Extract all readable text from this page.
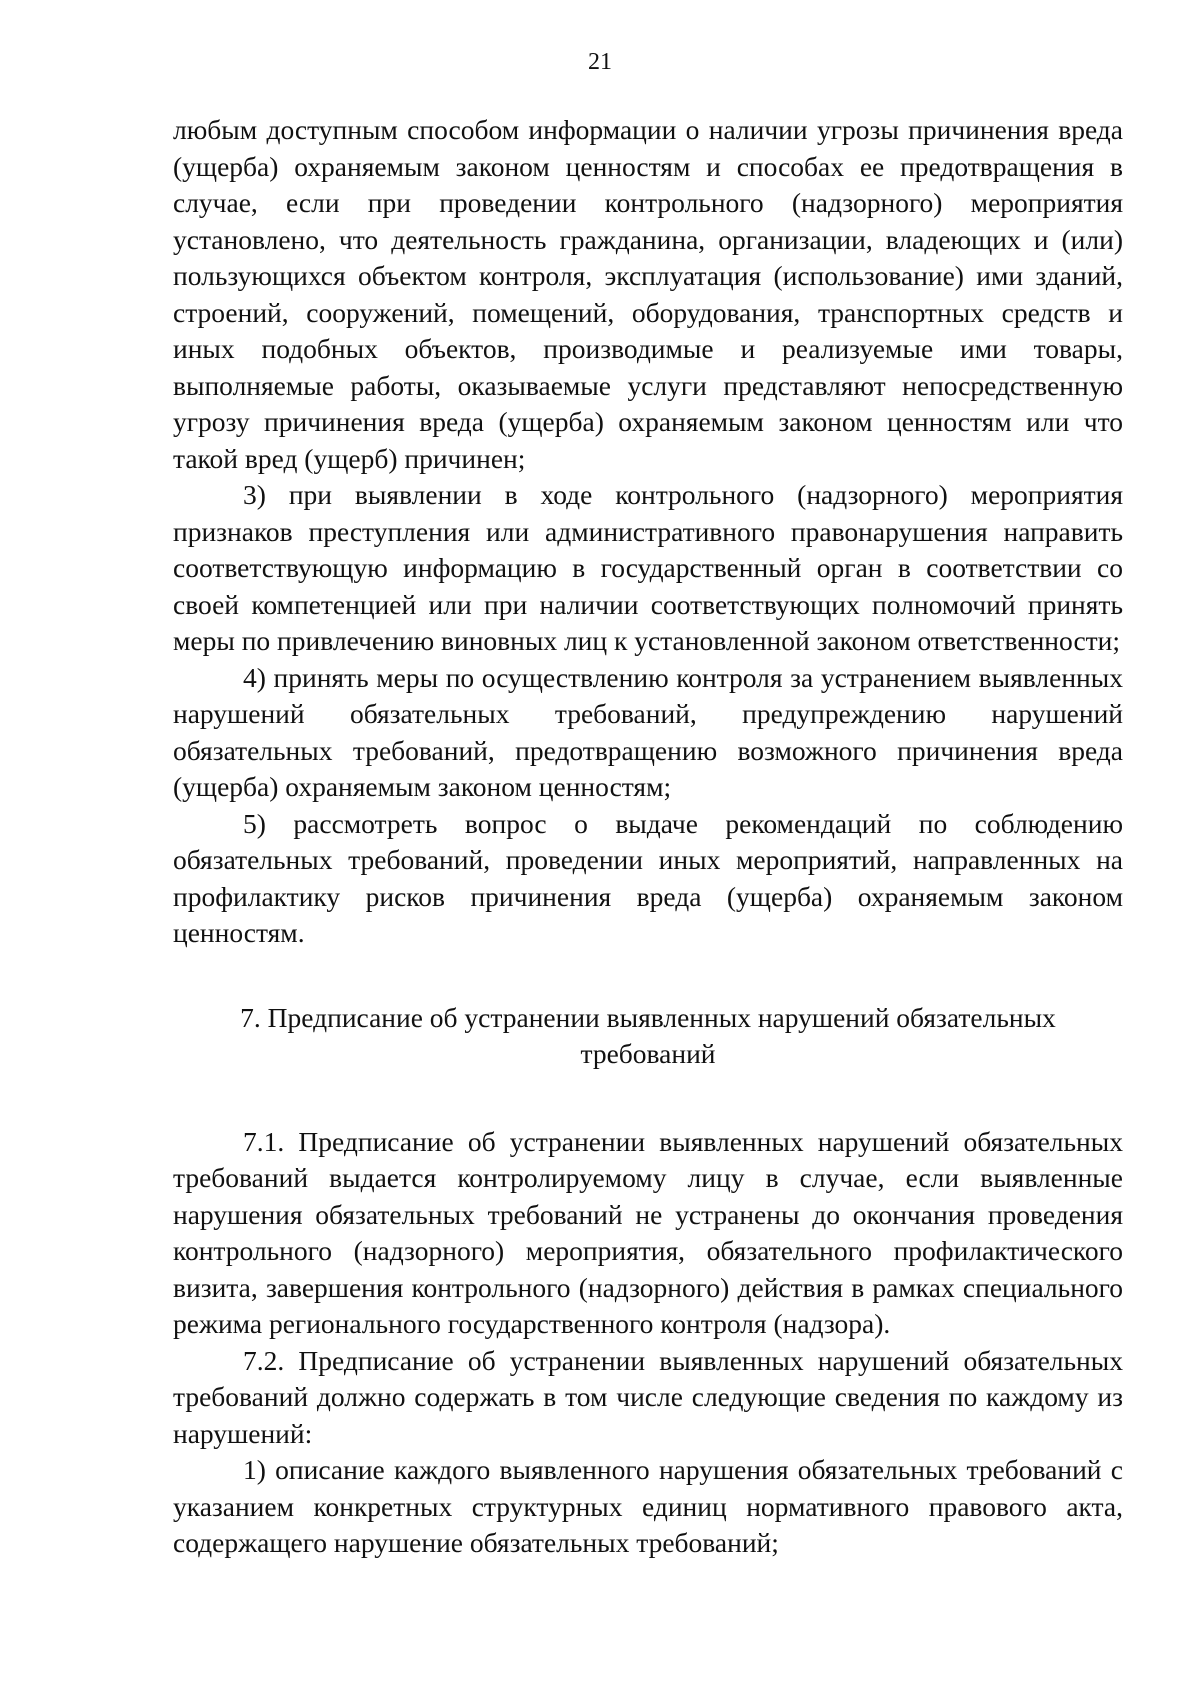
21

любым доступным способом информации о наличии угрозы причинения вреда (ущерба) охраняемым законом ценностям и способах ее предотвращения в случае, если при проведении контрольного (надзорного) мероприятия установлено, что деятельность гражданина, организации, владеющих и (или) пользующихся объектом контроля, эксплуатация (использование) ими зданий, строений, сооружений, помещений, оборудования, транспортных средств и иных подобных объектов, производимые и реализуемые ими товары, выполняемые работы, оказываемые услуги представляют непосредственную угрозу причинения вреда (ущерба) охраняемым законом ценностям или что такой вред (ущерб) причинен;

3) при выявлении в ходе контрольного (надзорного) мероприятия признаков преступления или административного правонарушения направить соответствующую информацию в государственный орган в соответствии со своей компетенцией или при наличии соответствующих полномочий принять меры по привлечению виновных лиц к установленной законом ответственности;

4) принять меры по осуществлению контроля за устранением выявленных нарушений обязательных требований, предупреждению нарушений обязательных требований, предотвращению возможного причинения вреда (ущерба) охраняемым законом ценностям;

5) рассмотреть вопрос о выдаче рекомендаций по соблюдению обязательных требований, проведении иных мероприятий, направленных на профилактику рисков причинения вреда (ущерба) охраняемым законом ценностям.

7. Предписание об устранении выявленных нарушений обязательных требований

7.1. Предписание об устранении выявленных нарушений обязательных требований выдается контролируемому лицу в случае, если выявленные нарушения обязательных требований не устранены до окончания проведения контрольного (надзорного) мероприятия, обязательного профилактического визита, завершения контрольного (надзорного) действия в рамках специального режима регионального государственного контроля (надзора).

7.2. Предписание об устранении выявленных нарушений обязательных требований должно содержать в том числе следующие сведения по каждому из нарушений:

1) описание каждого выявленного нарушения обязательных требований с указанием конкретных структурных единиц нормативного правового акта, содержащего нарушение обязательных требований;
